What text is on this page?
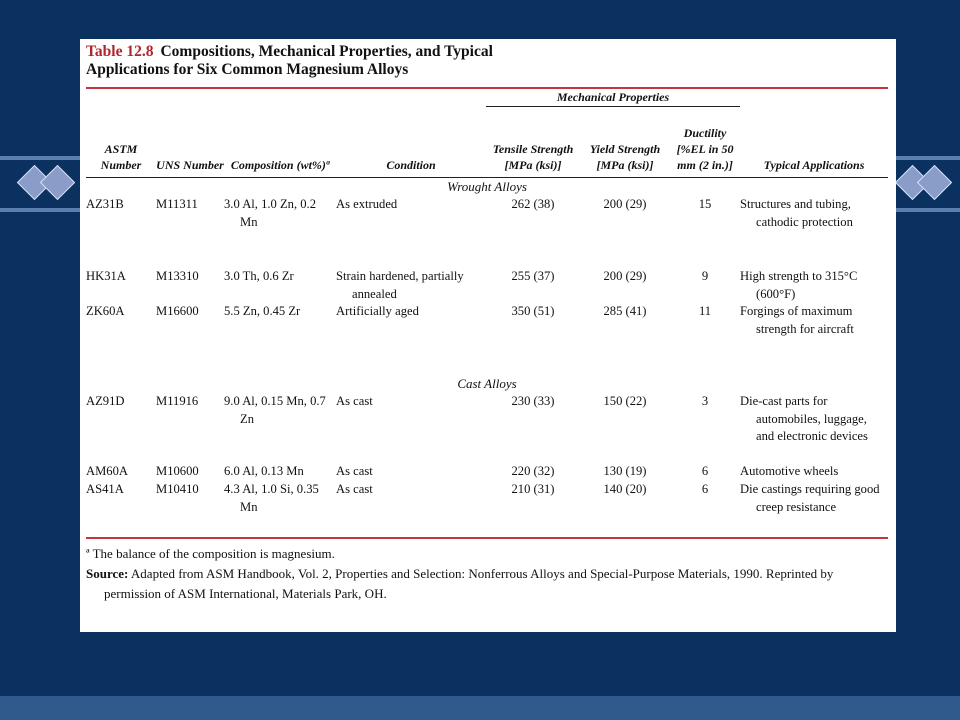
Table 12.8 Compositions, Mechanical Properties, and Typical
Applications for Six Common Magnesium Alloys

				Mechanical Properties			

ASTM Number	UNS Number	Composition (wt%)ª	Condition	Tensile Strength [MPa (ksi)]	Yield Strength [MPa (ksi)]	Ductility [%EL in 50 mm (2 in.)]	Typical Applications

Wrought Alloys							
AZ31B	M11311	3.0 Al, 1.0 Zn, 0.2 Mn	As extruded	262 (38)	200 (29)	15	Structures and tubing, cathodic protection
HK31A	M13310	3.0 Th, 0.6 Zr	Strain hardened, partially annealed	255 (37)	200 (29)	9	High strength to 315°C (600°F)
ZK60A	M16600	5.5 Zn, 0.45 Zr	Artificially aged	350 (51)	285 (41)	11	Forgings of maximum strength for aircraft
Cast Alloys							
AZ91D	M11916	9.0 Al, 0.15 Mn, 0.7 Zn	As cast	230 (33)	150 (22)	3	Die-cast parts for automobiles, luggage, and electronic devices
AM60A	M10600	6.0 Al, 0.13 Mn	As cast	220 (32)	130 (19)	6	Automotive wheels
AS41A	M10410	4.3 Al, 1.0 Si, 0.35 Mn	As cast	210 (31)	140 (20)	6	Die castings requiring good creep resistance
ª The balance of the composition is magnesium.
Source: Adapted from ASM Handbook, Vol. 2, Properties and Selection: Nonferrous Alloys and Special-Purpose Materials, 1990. Reprinted by permission of ASM International, Materials Park, OH.
